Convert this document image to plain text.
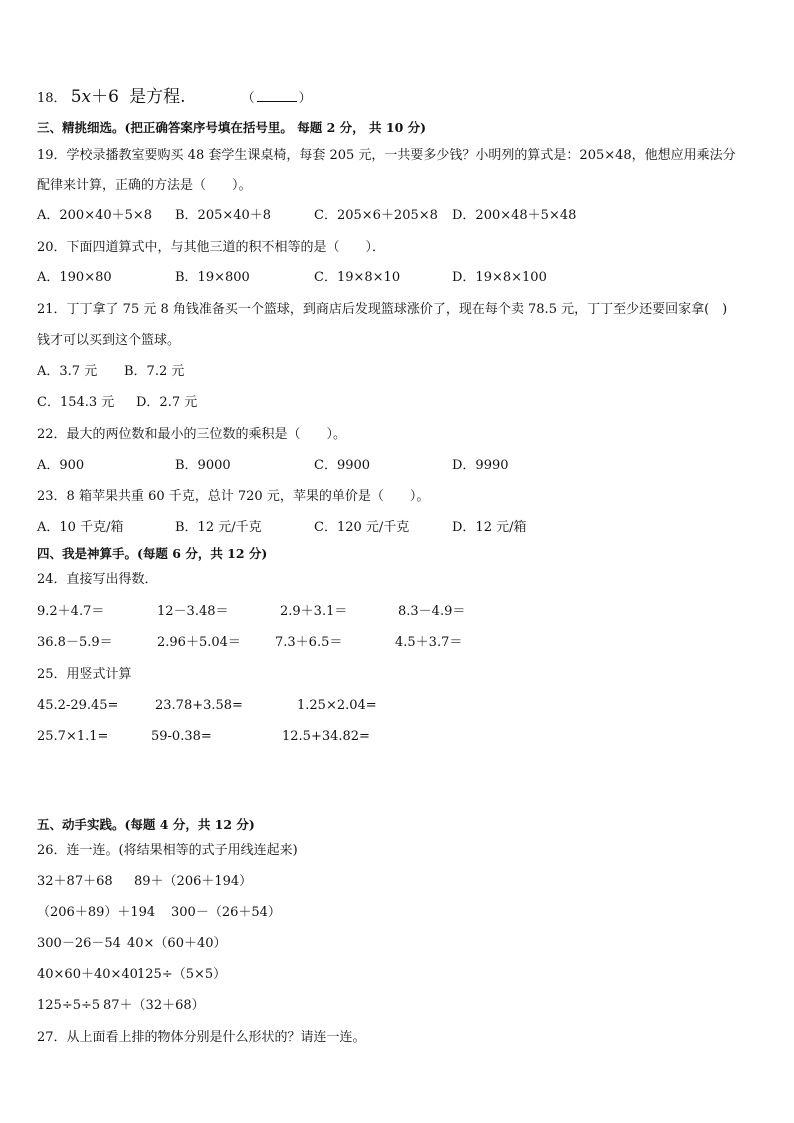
18． 5x＋6 是方程.	（	）
三、精挑细选。(把正确答案序号填在括号里。 每题 2 分， 共 10 分)
19．学校录播教室要购买 48 套学生课桌椅，每套 205 元，一共要多少钱？小明列的算式是：205×48，他想应用乘法分
配律来计算，正确的方法是（　　）。
A．200×40＋5×8 B．205×40＋8	C．205×6＋205×8 D．200×48＋5×48
20．下面四道算式中，与其他三道的积不相等的是（　　）．
A．190×80	B．19×800	C．19×8×10	D．19×8×100
21．丁丁拿了 75 元 8 角钱准备买一个篮球，到商店后发现篮球涨价了，现在每个卖 78.5 元，丁丁至少还要回家拿(　)
钱才可以买到这个篮球。
A．3.7 元 B．7.2 元
C．154.3 元 D．2.7 元
22．最大的两位数和最小的三位数的乘积是（　　）。
A．900	B．9000	C．9900	D．9990
23．8 箱苹果共重 60 千克，总计 720 元，苹果的单价是（　　）。
A．10 千克/箱	B．12 元/千克	C．120 元/千克	D．12 元/箱
四、我是神算手。(每题 6 分，共 12 分)
24．直接写出得数．
9.2＋4.7＝	12－3.48＝	2.9＋3.1＝	8.3－4.9＝
36.8－5.9＝	2.96＋5.04＝	7.3＋6.5＝	4.5＋3.7＝
25．用竖式计算
45.2-29.45=	23.78+3.58=	1.25×2.04=
25.7×1.1=	59-0.38=	12.5+34.82=
五、动手实践。(每题 4 分，共 12 分)
26．连一连。(将结果相等的式子用线连起来)
32＋87＋68 89＋（206＋194）
（206＋89）＋194 300－（26＋54）
300－26－54 40×（60＋40）
40×60＋40×40 125÷（5×5）
125÷5÷5 87＋（32＋68）
27．从上面看上排的物体分别是什么形状的？请连一连。
